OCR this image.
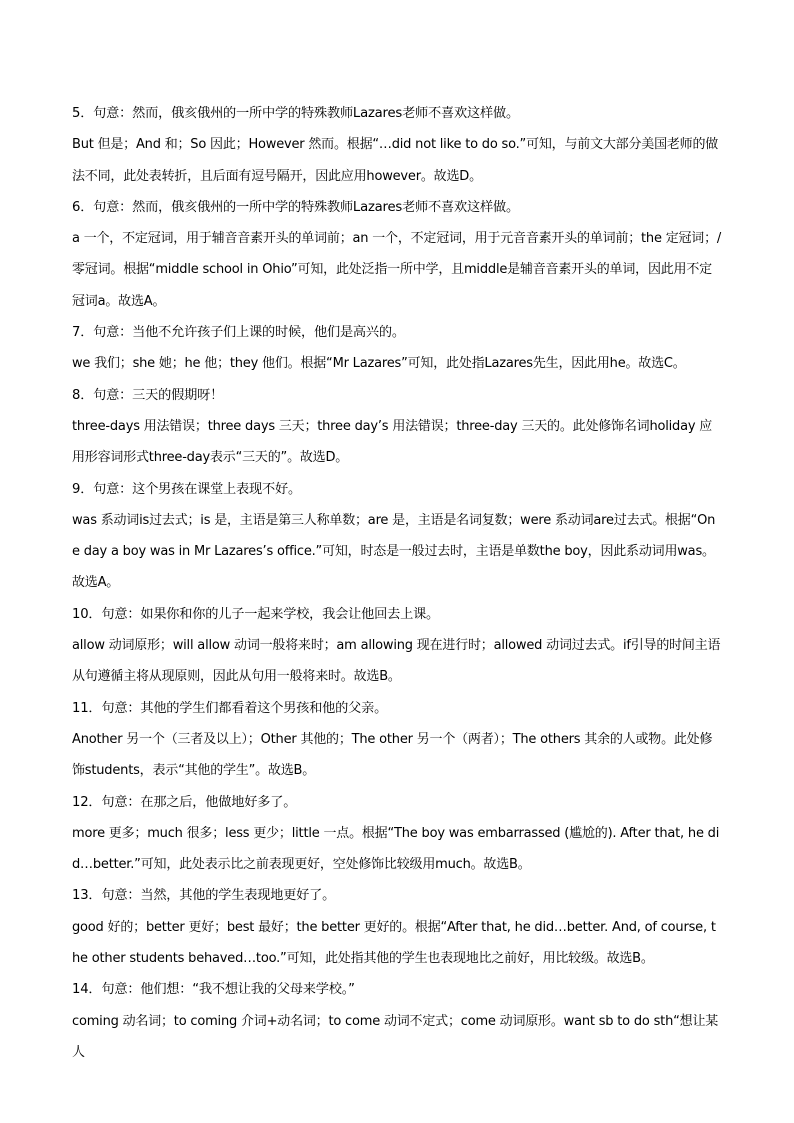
5．句意：然而，俄亥俄州的一所中学的特殊教师Lazares老师不喜欢这样做。

But 但是；And 和；So 因此；However 然而。根据“…did not like to do so.”可知，与前文大部分美国老师的做法不同，此处表转折，且后面有逗号隔开，因此应用however。故选D。

6．句意：然而，俄亥俄州的一所中学的特殊教师Lazares老师不喜欢这样做。

a 一个，不定冠词，用于辅音音素开头的单词前；an 一个，不定冠词，用于元音音素开头的单词前；the 定冠词；/零冠词。根据“middle school in Ohio”可知，此处泛指一所中学，且middle是辅音音素开头的单词，因此用不定冠词a。故选A。

7．句意：当他不允许孩子们上课的时候，他们是高兴的。

we 我们；she 她；he 他；they 他们。根据“Mr Lazares”可知，此处指Lazares先生，因此用he。故选C。

8．句意：三天的假期呀！

three-days 用法错误；three days 三天；three day’s 用法错误；three-day 三天的。此处修饰名词holiday 应用形容词形式three-day表示“三天的”。故选D。

9．句意：这个男孩在课堂上表现不好。

was 系动词is过去式；is 是，主语是第三人称单数；are 是，主语是名词复数；were 系动词are过去式。根据“One day a boy was in Mr Lazares’s office.”可知，时态是一般过去时，主语是单数the boy，因此系动词用was。故选A。

10．句意：如果你和你的儿子一起来学校，我会让他回去上课。

allow 动词原形；will allow 动词一般将来时；am allowing 现在进行时；allowed 动词过去式。if引导的时间主语从句遵循主将从现原则，因此从句用一般将来时。故选B。

11．句意：其他的学生们都看着这个男孩和他的父亲。

Another 另一个（三者及以上）；Other 其他的；The other 另一个（两者）；The others 其余的人或物。此处修饰students，表示“其他的学生”。故选B。

12．句意：在那之后，他做地好多了。

more 更多；much 很多；less 更少；little 一点。根据“The boy was embarrassed (尴尬的). After that, he did…better.”可知，此处表示比之前表现更好，空处修饰比较级用much。故选B。

13．句意：当然，其他的学生表现地更好了。

good 好的；better 更好；best 最好；the better 更好的。根据“After that, he did…better. And, of course, the other students behaved…too.”可知，此处指其他的学生也表现地比之前好，用比较级。故选B。

14．句意：他们想：“我不想让我的父母来学校。”

coming 动名词；to coming 介词+动名词；to come 动词不定式；come 动词原形。want sb to do sth“想让某人
